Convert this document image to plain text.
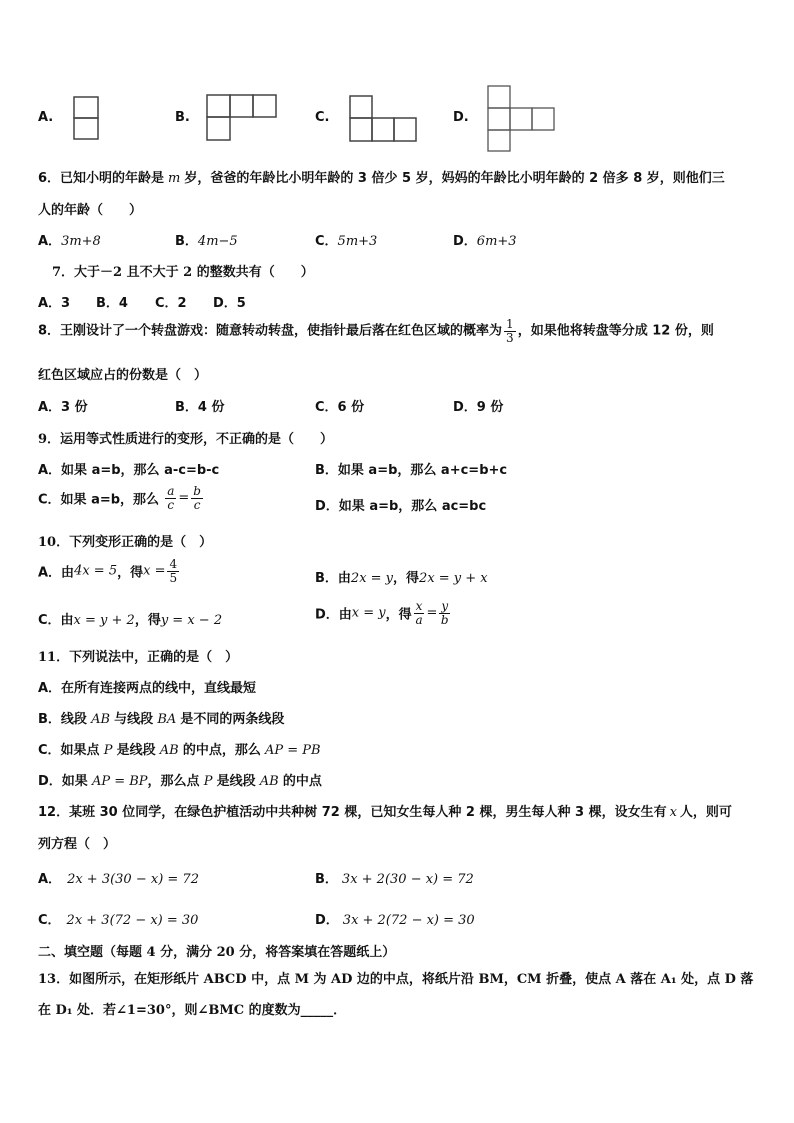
A.	B.	C.	D.
6．已知小明的年龄是 m 岁，爸爸的年龄比小明年龄的 3 倍少 5 岁，妈妈的年龄比小明年龄的 2 倍多 8 岁，则他们三
人的年龄（　　）
A．3m+8	B．4m−5	C．5m+3	D．6m+3
7．大于－2 且不大于 2 的整数共有（　　）
A．3 B．4 C．2 D．5
8．王刚设计了一个转盘游戏：随意转动转盘，使指针最后落在红色区域的概率为 $\frac{1}{3}$ ，如果他将转盘等分成 12 份，则
红色区域应占的份数是（　）
A．3 份	B．4 份	C．6 份	D．9 份
9．运用等式性质进行的变形，不正确的是（　　）
A．如果 a=b，那么 a-c=b-c	B．如果 a=b，那么 a+c=b+c
C．如果 a=b，那么 $\frac{a}{c} = \frac{b}{c}$	D．如果 a=b，那么 ac=bc
10．下列变形正确的是（　）
A．由4x = 5，得$x = \frac{4}{5}$	B．由2x = y，得2x = y + x
C．由x = y + 2，得y = x − 2	D．由x = y，得 $\frac{x}{a} = \frac{y}{b}$
11．下列说法中，正确的是（　）
A．在所有连接两点的线中，直线最短
B．线段 AB 与线段 BA 是不同的两条线段
C．如果点 P 是线段 AB 的中点，那么 AP = PB
D．如果 AP = BP，那么点 P 是线段 AB 的中点
12．某班 30 位同学，在绿色护植活动中共种树 72 棵，已知女生每人种 2 棵，男生每人种 3 棵，设女生有 x 人，则可
列方程（　）
A． 2x + 3(30 − x) = 72	B． 3x + 2(30 − x) = 72
C． 2x + 3(72 − x) = 30	D． 3x + 2(72 − x) = 30
二、填空题（每题 4 分，满分 20 分，将答案填在答题纸上）
13．如图所示，在矩形纸片 ABCD 中，点 M 为 AD 边的中点，将纸片沿 BM，CM 折叠，使点 A 落在 A₁ 处，点 D 落
在 D₁ 处．若∠1=30°，则∠BMC 的度数为_____．
